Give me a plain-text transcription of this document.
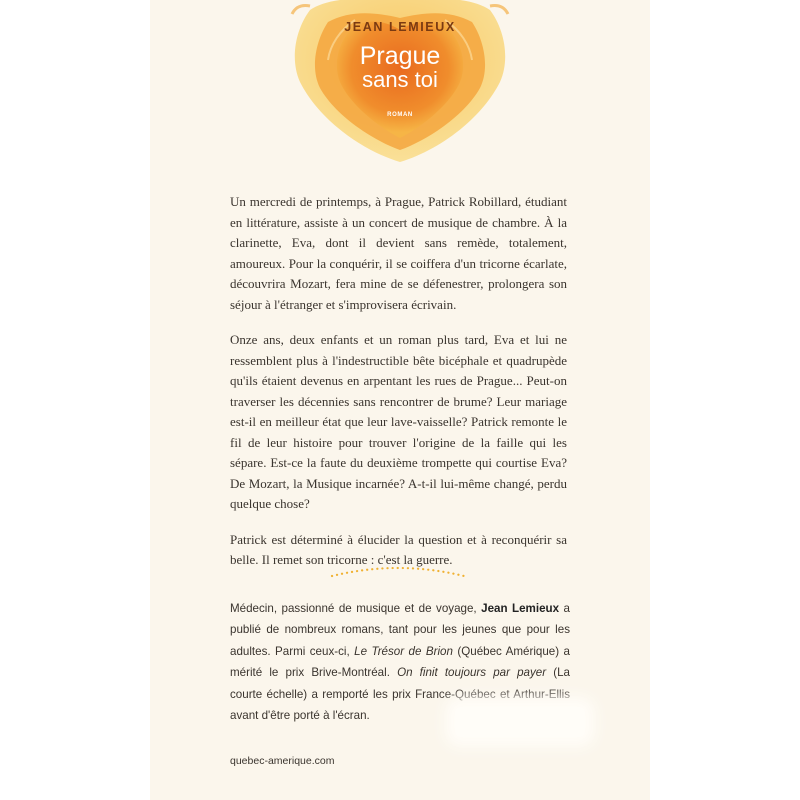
JEAN LEMIEUX
Prague
sans toi
ROMAN

Un mercredi de printemps, à Prague, Patrick Robillard, étudiant en littérature, assiste à un concert de musique de chambre. À la clarinette, Eva, dont il devient sans remède, totalement, amoureux. Pour la conquérir, il se coiffera d'un tricorne écarlate, découvrira Mozart, fera mine de se défenestrer, prolongera son séjour à l'étranger et s'improvisera écrivain.

Onze ans, deux enfants et un roman plus tard, Eva et lui ne ressemblent plus à l'indestructible bête bicéphale et quadrupède qu'ils étaient devenus en arpentant les rues de Prague... Peut-on traverser les décennies sans rencontrer de brume? Leur mariage est-il en meilleur état que leur lave-vaisselle? Patrick remonte le fil de leur histoire pour trouver l'origine de la faille qui les sépare. Est-ce la faute du deuxième trompette qui courtise Eva? De Mozart, la Musique incarnée? A-t-il lui-même changé, perdu quelque chose?

Patrick est déterminé à élucider la question et à reconquérir sa belle. Il remet son tricorne : c'est la guerre.

Médecin, passionné de musique et de voyage, Jean Lemieux a publié de nombreux romans, tant pour les jeunes que pour les adultes. Parmi ceux-ci, Le Trésor de Brion (Québec Amérique) a mérité le prix Brive-Montréal. On finit toujours par payer (La courte échelle) a remporté les prix France-Québec et Arthur-Ellis avant d'être porté à l'écran.
quebec-amerique.com
